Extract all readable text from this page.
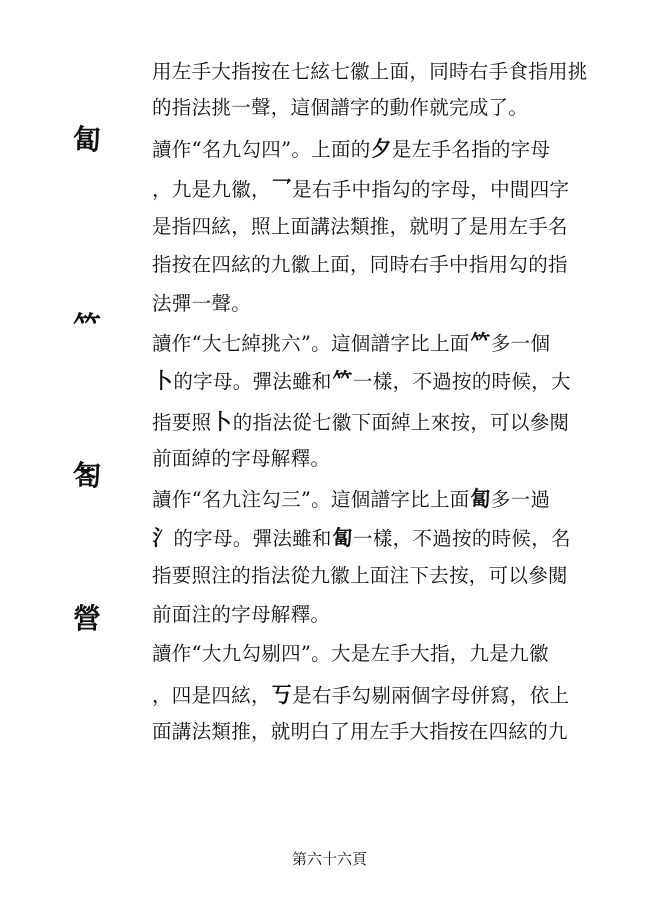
匐
𥫗
匒
營

用左手大指按在七絃七徽上面，同時右手食指用挑

的指法挑一聲，這個譜字的動作就完成了。

讀作“名九勾四”。上面的夕是左手名指的字母

，九是九徽，乛是右手中指勾的字母，中間四字

是指四絃，照上面講法類推，就明了是用左手名

指按在四絃的九徽上面，同時右手中指用勾的指

法彈一聲。

讀作“大七綽挑六”。這個譜字比上面𥫗多一個

卜的字母。彈法雖和𥫗一樣，不過按的時候，大

指要照卜的指法從七徽下面綽上來按，可以參閱

前面綽的字母解釋。

讀作“名九注勾三”。這個譜字比上面匐多一過

氵的字母。彈法雖和匐一樣，不過按的時候，名

指要照注的指法從九徽上面注下去按，可以參閱

前面注的字母解釋。

讀作“大九勾剔四”。大是左手大指，九是九徽

，四是四絃，丂是右手勾剔兩個字母併寫，依上

面講法類推，就明白了用左手大指按在四絃的九

第六十六頁
